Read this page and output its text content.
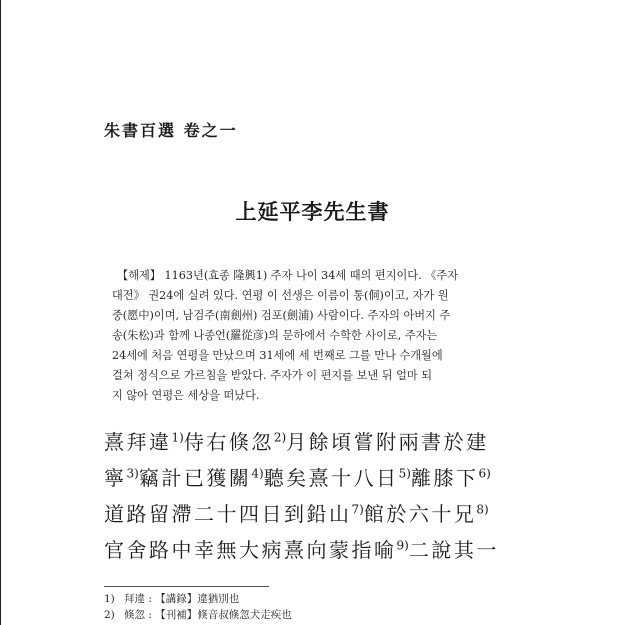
朱書百選 卷之一
上延平李先生書
【해제】 1163년(효종 隆興1) 주자 나이 34세 때의 편지이다. 《주자
대전》 권24에 실려 있다. 연평 이 선생은 이름이 통(侗)이고, 자가 원
중(愿中)이며, 남검주(南劍州) 검포(劍浦) 사람이다. 주자의 아버지 주
송(朱松)과 함께 나종언(羅從彦)의 문하에서 수학한 사이로, 주자는
24세에 처음 연평을 만났으며 31세에 세 번째로 그를 만나 수개월에
걸쳐 정식으로 가르침을 받았다. 주자가 이 편지를 보낸 뒤 얼마 되
지 않아 연평은 세상을 떠났다.
熹拜違$^{1)}$侍右倏忽$^{2)}$月餘頃嘗附兩書於建
寧$^{3)}$竊計已獲關$^{4)}$聽矣熹十八日$^{5)}$離膝下$^{6)}$
道路留滯二十四日到鉛山$^{7)}$館於六十兄$^{8)}$
官舍路中幸無大病熹向蒙指喻$^{9)}$二說其一
1) 拜違 : 【講錄】違猶別也
2) 倏忽 : 【刊補】倏音叔倏忽犬走疾也
